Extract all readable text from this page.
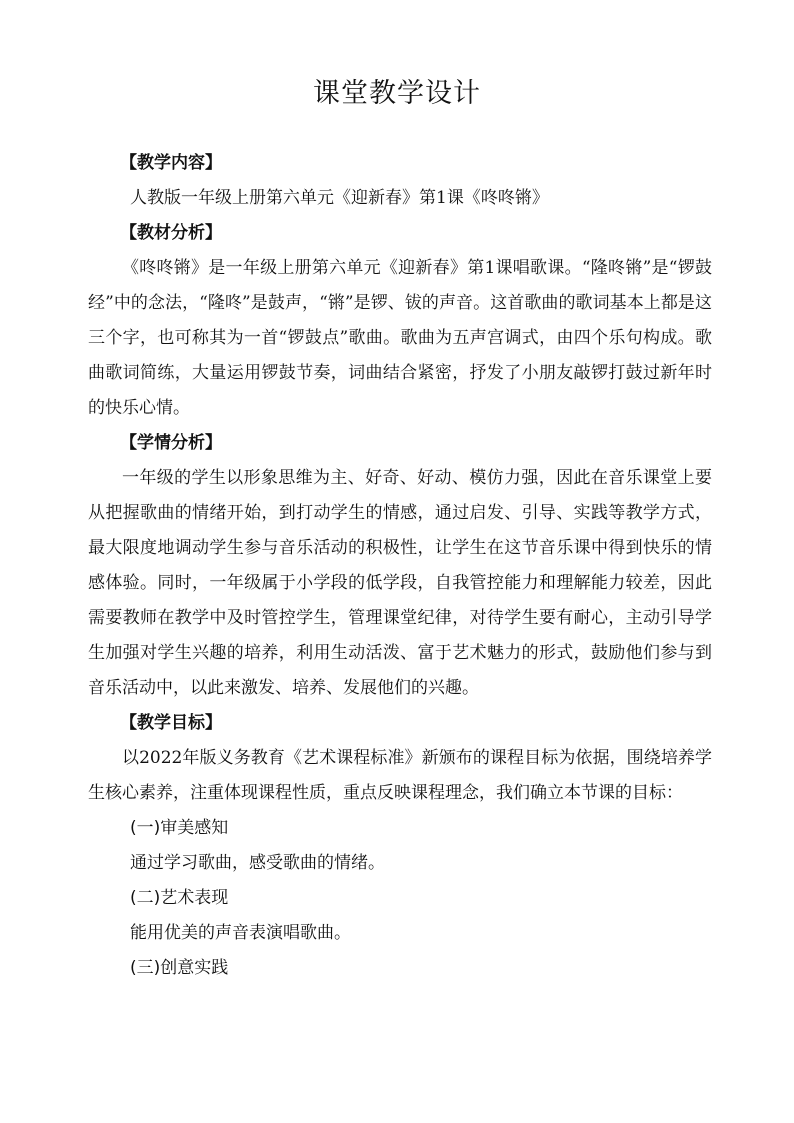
课堂教学设计

【教学内容】

人教版一年级上册第六单元《迎新春》第1课《咚咚锵》

【教材分析】

《咚咚锵》是一年级上册第六单元《迎新春》第1课唱歌课。“隆咚锵”是“锣鼓经”中的念法，“隆咚”是鼓声，“锵”是锣、钹的声音。这首歌曲的歌词基本上都是这三个字，也可称其为一首“锣鼓点”歌曲。歌曲为五声宫调式，由四个乐句构成。歌曲歌词简练，大量运用锣鼓节奏，词曲结合紧密，抒发了小朋友敲锣打鼓过新年时的快乐心情。

【学情分析】

一年级的学生以形象思维为主、好奇、好动、模仿力强，因此在音乐课堂上要从把握歌曲的情绪开始，到打动学生的情感，通过启发、引导、实践等教学方式，最大限度地调动学生参与音乐活动的积极性，让学生在这节音乐课中得到快乐的情感体验。同时，一年级属于小学段的低学段，自我管控能力和理解能力较差，因此需要教师在教学中及时管控学生，管理课堂纪律，对待学生要有耐心，主动引导学生加强对学生兴趣的培养，利用生动活泼、富于艺术魅力的形式，鼓励他们参与到音乐活动中，以此来激发、培养、发展他们的兴趣。

【教学目标】

以2022年版义务教育《艺术课程标准》新颁布的课程目标为依据，围绕培养学生核心素养，注重体现课程性质，重点反映课程理念，我们确立本节课的目标：

(一)审美感知

通过学习歌曲，感受歌曲的情绪。

(二)艺术表现

能用优美的声音表演唱歌曲。

(三)创意实践
